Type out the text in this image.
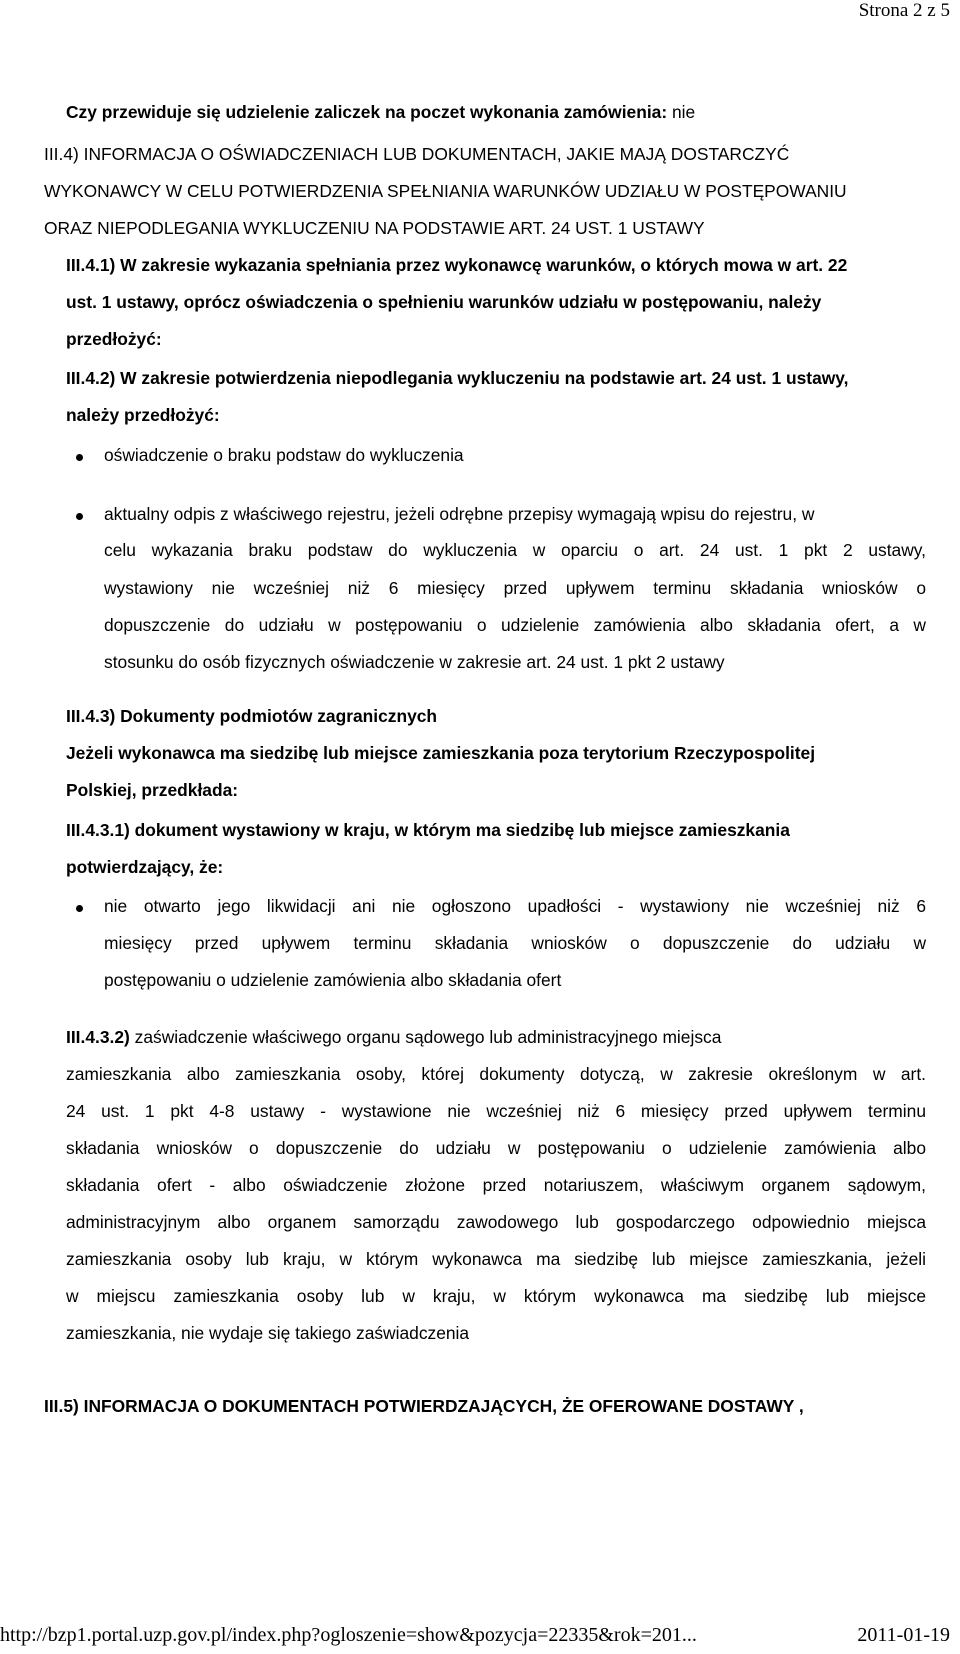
Strona 2 z 5
Czy przewiduje się udzielenie zaliczek na poczet wykonania zamówienia: nie
III.4) INFORMACJA O OŚWIADCZENIACH LUB DOKUMENTACH, JAKIE MAJĄ DOSTARCZYĆ
WYKONAWCY W CELU POTWIERDZENIA SPEŁNIANIA WARUNKÓW UDZIAŁU W POSTĘPOWANIU
ORAZ NIEPODLEGANIA WYKLUCZENIU NA PODSTAWIE ART. 24 UST. 1 USTAWY
III.4.1) W zakresie wykazania spełniania przez wykonawcę warunków, o których mowa w art. 22
ust. 1 ustawy, oprócz oświadczenia o spełnieniu warunków udziału w postępowaniu, należy
przedłożyć:
III.4.2) W zakresie potwierdzenia niepodlegania wykluczeniu na podstawie art. 24 ust. 1 ustawy,
należy przedłożyć:
oświadczenie o braku podstaw do wykluczenia
aktualny odpis z właściwego rejestru, jeżeli odrębne przepisy wymagają wpisu do rejestru, w
celu wykazania braku podstaw do wykluczenia w oparciu o art. 24 ust. 1 pkt 2 ustawy,
wystawiony nie wcześniej niż 6 miesięcy przed upływem terminu składania wniosków o
dopuszczenie do udziału w postępowaniu o udzielenie zamówienia albo składania ofert, a w
stosunku do osób fizycznych oświadczenie w zakresie art. 24 ust. 1 pkt 2 ustawy
III.4.3) Dokumenty podmiotów zagranicznych
Jeżeli wykonawca ma siedzibę lub miejsce zamieszkania poza terytorium Rzeczypospolitej
Polskiej, przedkłada:
III.4.3.1) dokument wystawiony w kraju, w którym ma siedzibę lub miejsce zamieszkania
potwierdzający, że:
nie otwarto jego likwidacji ani nie ogłoszono upadłości - wystawiony nie wcześniej niż 6
miesięcy przed upływem terminu składania wniosków o dopuszczenie do udziału w
postępowaniu o udzielenie zamówienia albo składania ofert
III.4.3.2) zaświadczenie właściwego organu sądowego lub administracyjnego miejsca
zamieszkania albo zamieszkania osoby, której dokumenty dotyczą, w zakresie określonym w art.
24 ust. 1 pkt 4-8 ustawy - wystawione nie wcześniej niż 6 miesięcy przed upływem terminu
składania wniosków o dopuszczenie do udziału w postępowaniu o udzielenie zamówienia albo
składania ofert - albo oświadczenie złożone przed notariuszem, właściwym organem sądowym,
administracyjnym albo organem samorządu zawodowego lub gospodarczego odpowiednio miejsca
zamieszkania osoby lub kraju, w którym wykonawca ma siedzibę lub miejsce zamieszkania, jeżeli
w miejscu zamieszkania osoby lub w kraju, w którym wykonawca ma siedzibę lub miejsce
zamieszkania, nie wydaje się takiego zaświadczenia
III.5) INFORMACJA O DOKUMENTACH POTWIERDZAJĄCYCH, ŻE OFEROWANE DOSTAWY ,
http://bzp1.portal.uzp.gov.pl/index.php?ogloszenie=show&pozycja=22335&rok=201...	2011-01-19
